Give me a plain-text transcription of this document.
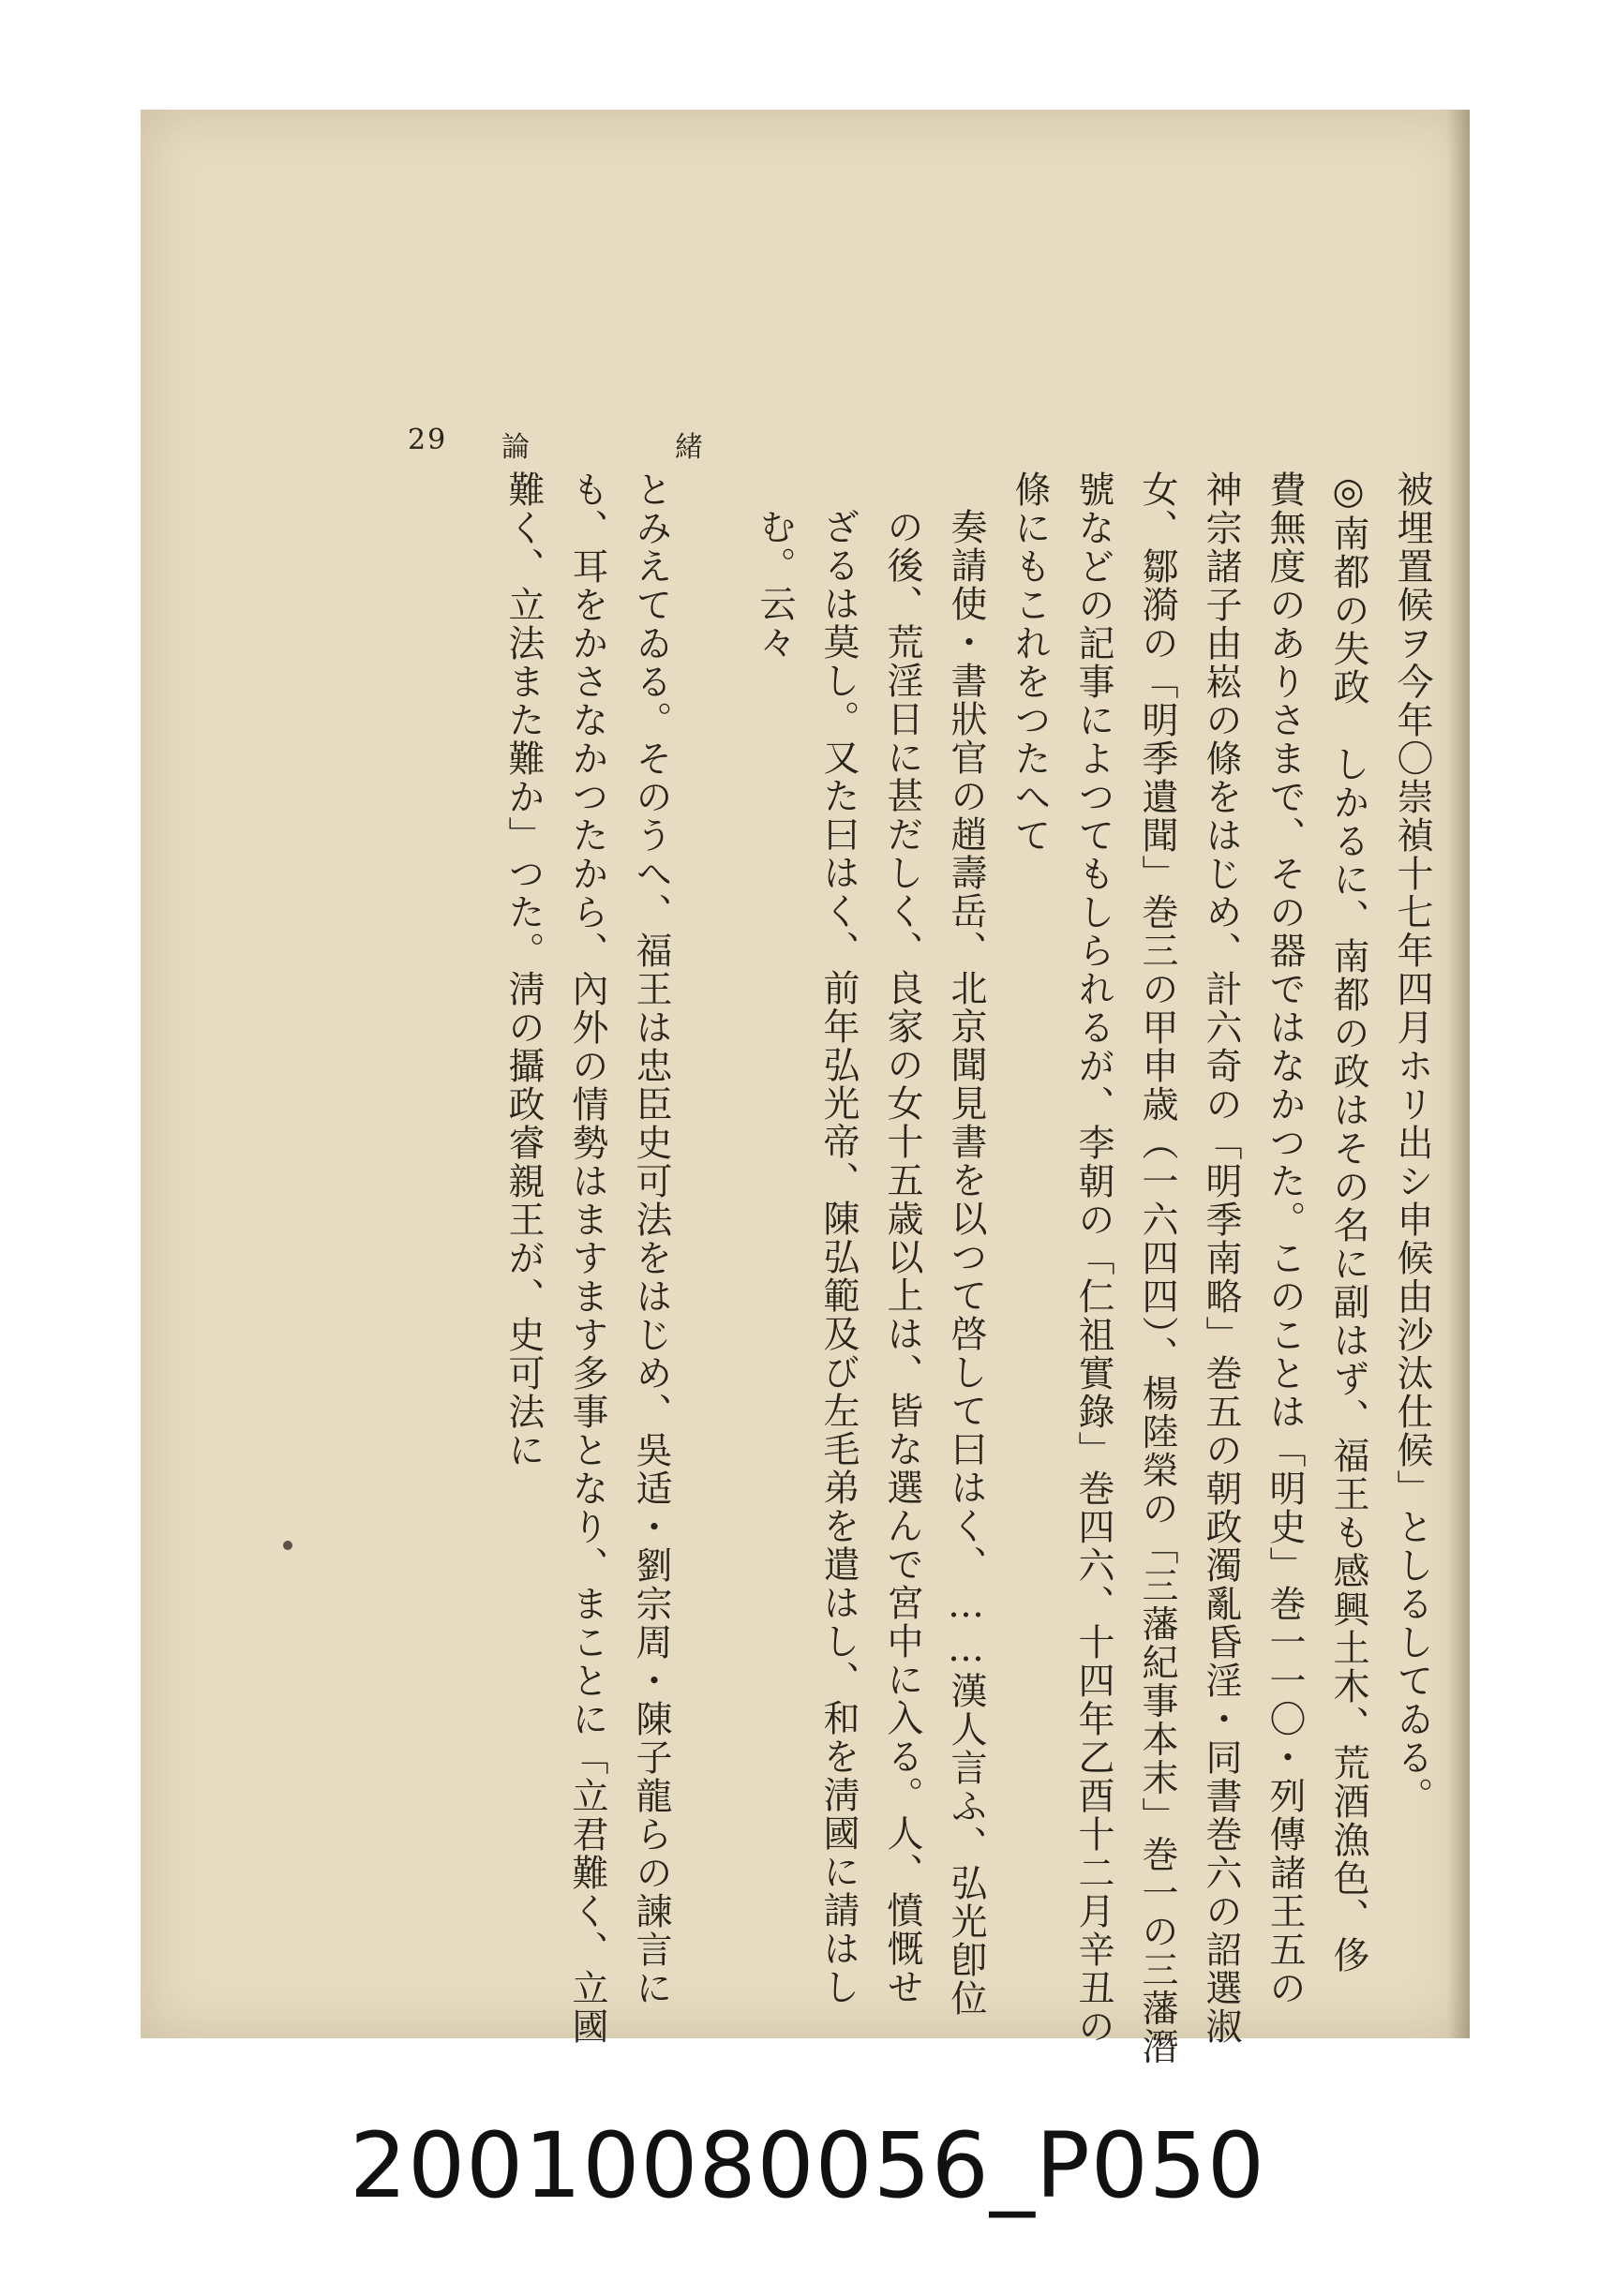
29 論	緒
被埋置候ヲ今年〇崇禎十七年四月ホリ出シ申候由沙汰仕候」としるしてゐる。
◎南都の失政　しかるに、南都の政はその名に副はず、福王も感興土木、荒酒漁色、侈
費無度のありさまで、その器ではなかつた。このことは「明史」巻一一〇・列傳諸王五の
神宗諸子由崧の條をはじめ、計六奇の「明季南略」巻五の朝政濁亂昏淫・同書巻六の詔選淑
女、鄒漪の「明季遺聞」巻三の甲申歳（一六四四）、楊陸榮の「三藩紀事本末」巻一の三藩潛
號などの記事によつてもしられるが、李朝の「仁祖實錄」巻四六、十四年乙酉十二月辛丑の
條にもこれをつたへて
奏請使・書狀官の趙壽岳、北京聞見書を以つて啓して曰はく、……漢人言ふ、弘光卽位
の後、荒淫日に甚だしく、良家の女十五歳以上は、皆な選んで宮中に入る。人、憤慨せ
ざるは莫し。又た曰はく、前年弘光帝、陳弘範及び左毛弟を遣はし、和を淸國に請はし
む。云々
とみえてゐる。そのうへ、福王は忠臣史可法をはじめ、吳适・劉宗周・陳子龍らの諫言に
も、耳をかさなかつたから、內外の情勢はますます多事となり、まことに「立君難く、立國
難く、立法また難か」つた。淸の攝政睿親王が、史可法に
20010080056_P050
